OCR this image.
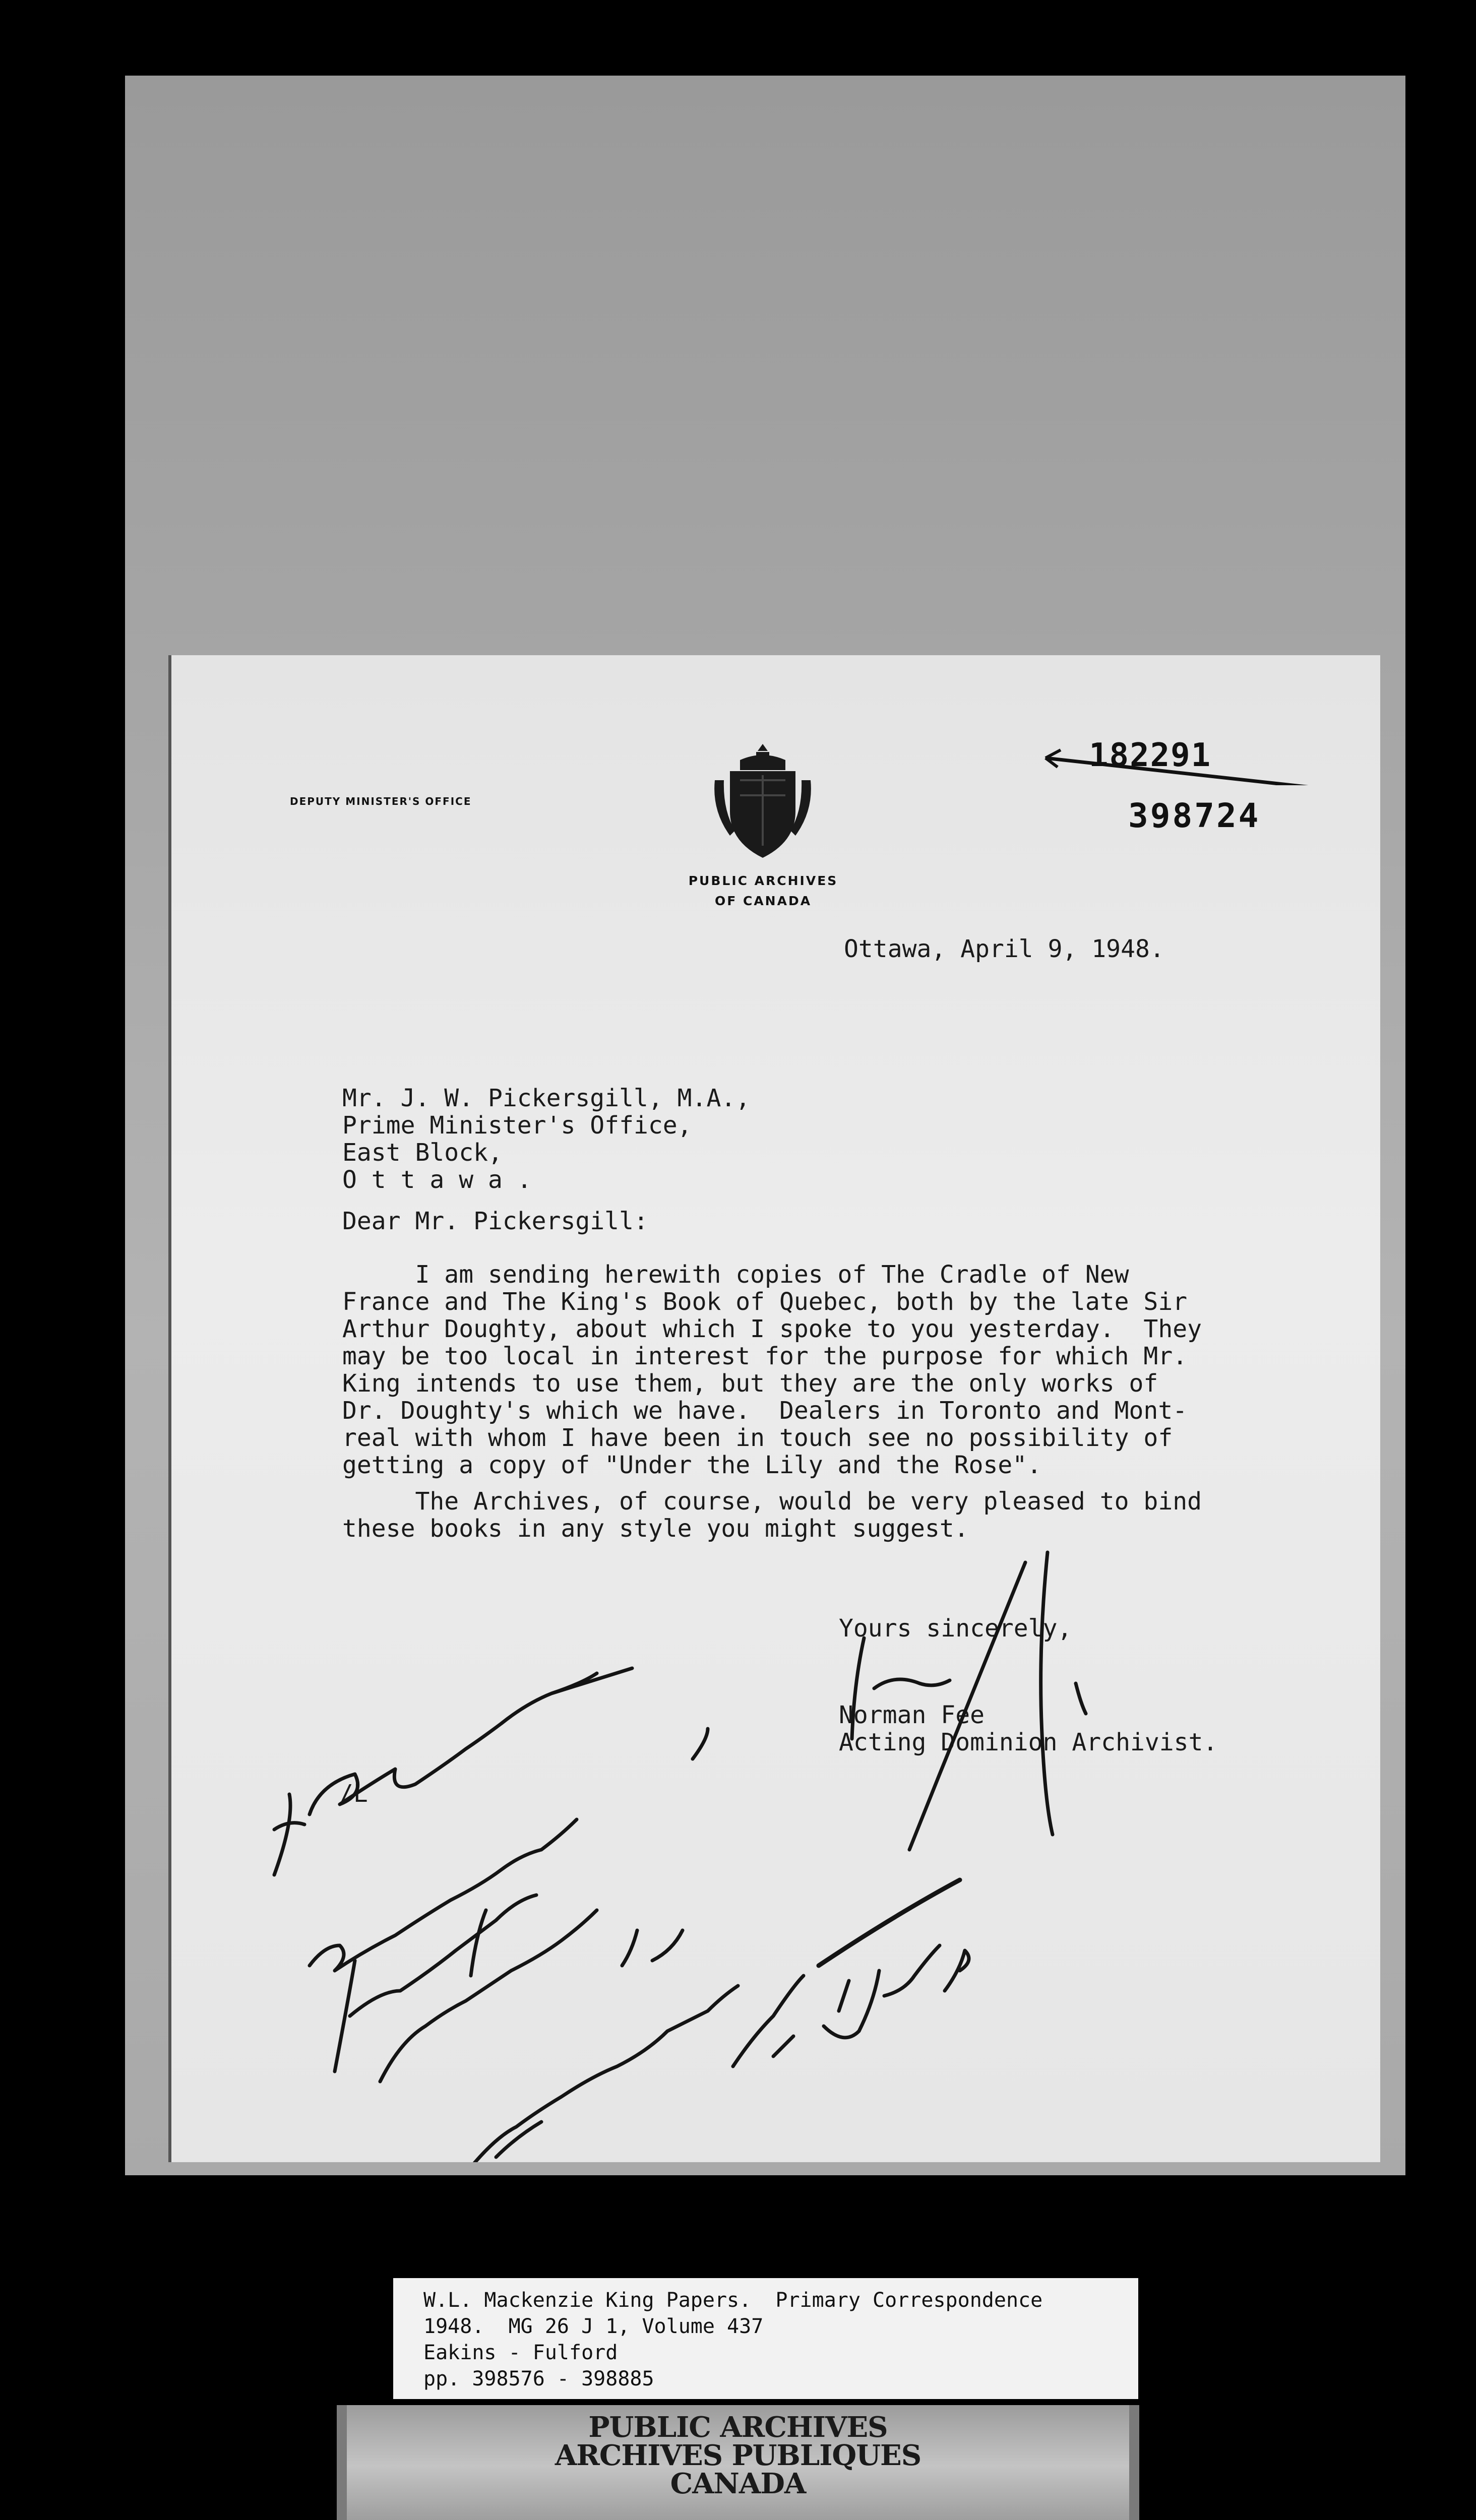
DEPUTY MINISTER'S OFFICE
PUBLIC ARCHIVES
OF CANADA
182291
398724
Ottawa, April 9, 1948.
Mr. J. W. Pickersgill, M.A.,
Prime Minister's Office,
East Block,
O t t a w a .
Dear Mr. Pickersgill:
I am sending herewith copies of The Cradle of New
France and The King's Book of Quebec, both by the late Sir
Arthur Doughty, about which I spoke to you yesterday.  They
may be too local in interest for the purpose for which Mr.
King intends to use them, but they are the only works of
Dr. Doughty's which we have.  Dealers in Toronto and Mont-
real with whom I have been in touch see no possibility of
getting a copy of "Under the Lily and the Rose".
The Archives, of course, would be very pleased to bind
these books in any style you might suggest.
Yours sincerely,
Norman Fee
Acting Dominion Archivist.
/L
W.L. Mackenzie King Papers.  Primary Correspondence
1948.  MG 26 J 1, Volume 437
Eakins - Fulford
pp. 398576 - 398885
PUBLIC ARCHIVES
ARCHIVES PUBLIQUES
CANADA
